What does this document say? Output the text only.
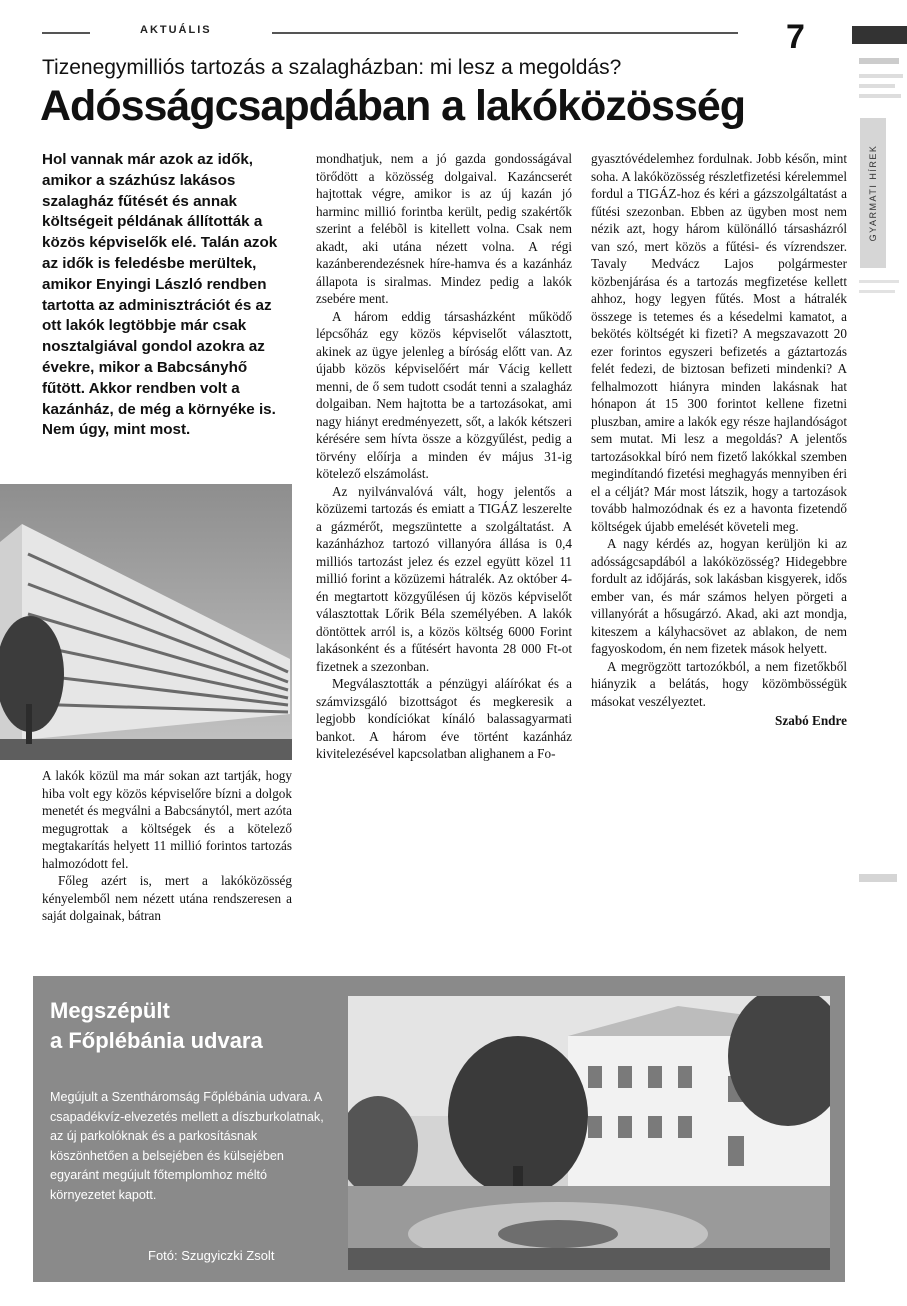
AKTUÁLIS	7
GYARMATI HÍREK
Tizenegymilliós tartozás a szalagházban: mi lesz a megoldás?
Adósságcsapdában a lakóközösség
Hol vannak már azok az idők, amikor a százhúsz lakásos szalagház fűtését és annak költségeit példának állították a közös képviselők elé. Talán azok az idők is feledésbe merültek, amikor Enyingi László rendben tartotta az adminisztrációt és az ott lakók legtöbbje már csak nosztalgiával gondol azokra az évekre, mikor a Babcsányhő fűtött. Akkor rendben volt a kazánház, de még a környéke is. Nem úgy, mint most.

A lakók közül ma már sokan azt tartják, hogy hiba volt egy közös képviselőre bízni a dolgok menetét és megválni a Babcsánytól, mert azóta megugrottak a költségek és a kötelező megtakarítás helyett 11 millió forintos tartozás halmozódott fel.

Főleg azért is, mert a lakóközösség kényelemből nem nézett utána rendszeresen a saját dolgainak, bátran

mondhatjuk, nem a jó gazda gondosságával törődött a közösség dolgaival. Kazáncserét hajtottak végre, amikor is az új kazán jó harminc millió forintba került, pedig szakértők szerint a felébõl is kitellett volna. Csak nem akadt, aki utána nézett volna. A régi kazánberendezésnek híre-hamva és a kazánház állapota is siralmas. Mindez pedig a lakók zsebére ment.

A három eddig társasházként működő lépcsőház egy közös képviselőt választott, akinek az ügye jelenleg a bíróság előtt van. Az újabb közös képviselőért már Vácig kellett menni, de ő sem tudott csodát tenni a szalagház dolgaiban. Nem hajtotta be a tartozásokat, ami nagy hiányt eredményezett, sőt, a lakók kétszeri kérésére sem hívta össze a közgyűlést, pedig a törvény előírja a minden év május 31-ig kötelező elszámolást.

Az nyilvánvalóvá vált, hogy jelentős a közüzemi tartozás és emiatt a TIGÁZ leszerelte a gázmérőt, megszüntette a szolgáltatást. A kazánházhoz tartozó villanyóra állása is 0,4 milliós tartozást jelez és ezzel együtt közel 11 millió forint a közüzemi hátralék. Az október 4-én megtartott közgyűlésen új közös képviselőt választottak Lőrik Béla személyében. A lakók döntöttek arról is, a közös költség 6000 Forint lakásonként és a fűtésért havonta 28 000 Ft-ot fizetnek a szezonban.

Megválasztották a pénzügyi aláírókat és a számvizsgáló bizottságot és megkeresik a legjobb kondíciókat kínáló balassagyarmati bankot. A három éve történt kazánház kivitelezésével kapcsolatban alighanem a Fo-

gyasztóvédelemhez fordulnak. Jobb későn, mint soha. A lakóközösség részletfizetési kérelemmel fordul a TIGÁZ-hoz és kéri a gázszolgáltatást a fűtési szezonban. Ebben az ügyben most nem nézik azt, hogy három különálló társasházról van szó, mert közös a fűtési- és vízrendszer. Tavaly Medvácz Lajos polgármester közbenjárása és a tartozás megfizetése kellett ahhoz, hogy legyen fűtés. Most a hátralék összege is tetemes és a késedelmi kamatot, a bekötés költségét ki fizeti? A megszavazott 20 ezer forintos egyszeri befizetés a gáztartozás felét fedezi, de biztosan befizeti mindenki? A felhalmozott hiányra minden lakásnak hat hónapon át 15 300 forintot kellene fizetni pluszban, amire a lakók egy része hajlandóságot sem mutat. Mi lesz a megoldás? A jelentős tartozásokkal bíró nem fizető lakókkal szemben megindítandó fizetési meghagyás mennyiben éri el a célját? Már most látszik, hogy a tartozások tovább halmozódnak és ez a havonta fizetendő költségek újabb emelését követeli meg.

A nagy kérdés az, hogyan kerüljön ki az adósságcsapdából a lakóközösség? Hidegebbre fordult az időjárás, sok lakásban kisgyerek, idős ember van, és már számos helyen pörgeti a villanyórát a hősugárzó. Akad, aki azt mondja, kiteszem a kályhacsövet az ablakon, de nem fagyoskodom, én nem fizetek mások helyett.

A megrögzött tartozókból, a nem fizetőkből hiányzik a belátás, hogy közömbösségük másokat veszélyeztet.

Szabó Endre

Megszépült
a Főplébánia udvara
Megújult a Szentháromság Főplébánia udvara. A csapadékvíz-elvezetés mellett a díszburkolatnak, az új parkolóknak és a parkosításnak köszönhetően a belsejében és külsejében egyaránt megújult főtemplomhoz méltó környezetet kapott.
Fotó: Szugyiczki Zsolt
